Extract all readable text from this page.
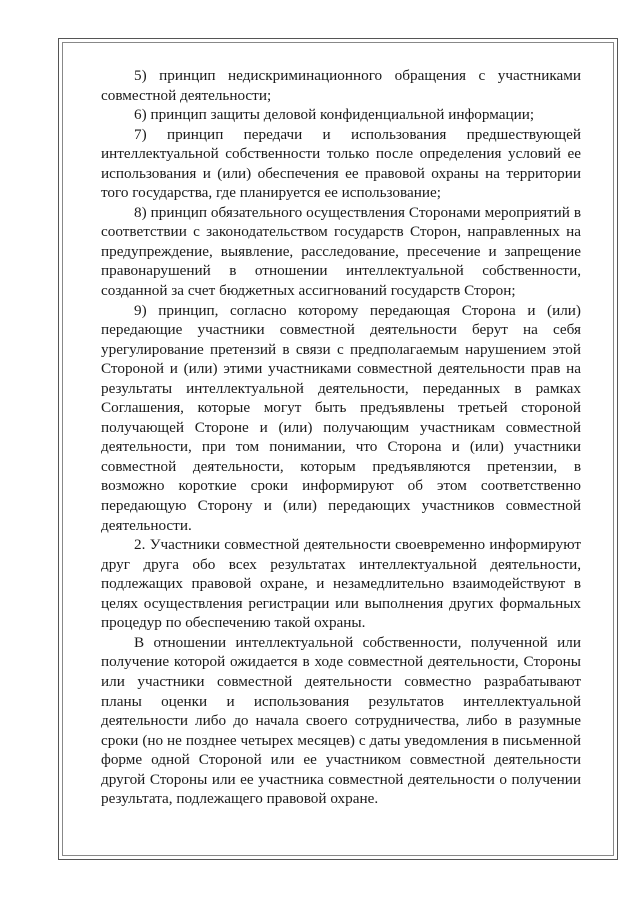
5) принцип недискриминационного обращения с участниками совместной деятельности;

6) принцип защиты деловой конфиденциальной информации;

7) принцип передачи и использования предшествующей интеллектуальной собственности только после определения условий ее использования и (или) обеспечения ее правовой охраны на территории того государства, где планируется ее использование;

8) принцип обязательного осуществления Сторонами мероприятий в соответствии с законодательством государств Сторон, направленных на предупреждение, выявление, расследование, пресечение и запрещение правонарушений в отношении интеллектуальной собственности, созданной за счет бюджетных ассигнований государств Сторон;

9) принцип, согласно которому передающая Сторона и (или) передающие участники совместной деятельности берут на себя урегулирование претензий в связи с предполагаемым нарушением этой Стороной и (или) этими участниками совместной деятельности прав на результаты интеллектуальной деятельности, переданных в рамках Соглашения, которые могут быть предъявлены третьей стороной получающей Стороне и (или) получающим участникам совместной деятельности, при том понимании, что Сторона и (или) участники совместной деятельности, которым предъявляются претензии, в возможно короткие сроки информируют об этом соответственно передающую Сторону и (или) передающих участников совместной деятельности.

2. Участники совместной деятельности своевременно информируют друг друга обо всех результатах интеллектуальной деятельности, подлежащих правовой охране, и незамедлительно взаимодействуют в целях осуществления регистрации или выполнения других формальных процедур по обеспечению такой охраны.

В отношении интеллектуальной собственности, полученной или получение которой ожидается в ходе совместной деятельности, Стороны или участники совместной деятельности совместно разрабатывают планы оценки и использования результатов интеллектуальной деятельности либо до начала своего сотрудничества, либо в разумные сроки (но не позднее четырех месяцев) с даты уведомления в письменной форме одной Стороной или ее участником совместной деятельности другой Стороны или ее участника совместной деятельности о получении результата, подлежащего правовой охране.
